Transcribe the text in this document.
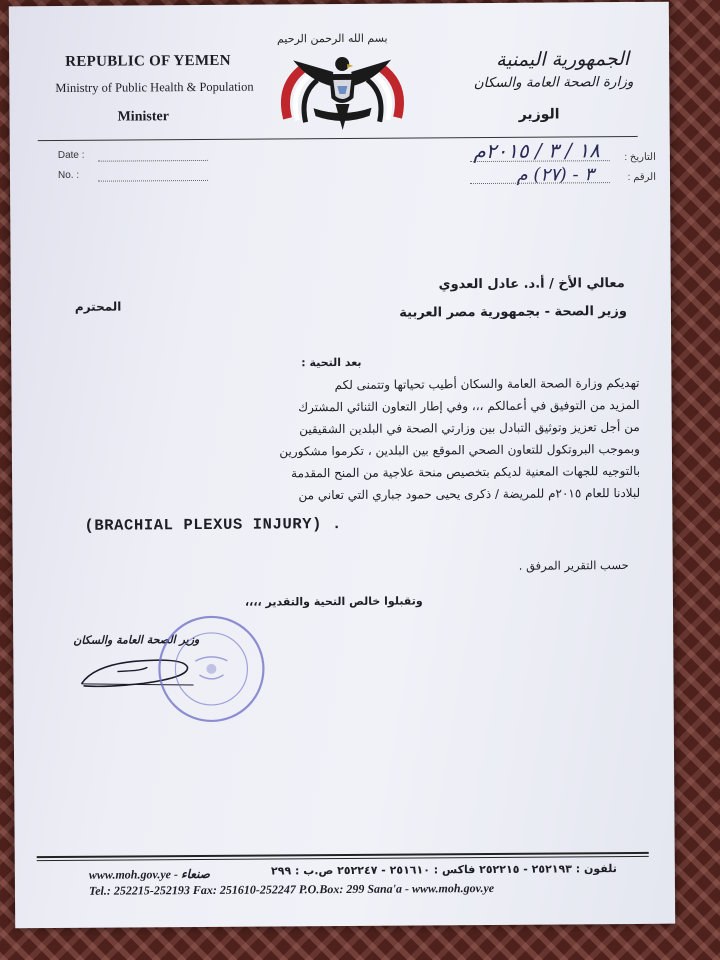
REPUBLIC OF YEMEN
Ministry of Public Health & Population
Minister
بسم الله الرحمن الرحيم
الجمهورية اليمنية
وزارة الصحة العامة والسكان
الوزير
Date :
No. :
التاريخ :
١٨ / ٣ / ٢٠١٥م
الرقم :
٣ - (٢٧) م
معالي الأخ / أ.د. عادل العدوي
وزير الصحة - بجمهورية مصر العربية
المحترم
بعد التحية :
تهديكم وزارة الصحة العامة والسكان أطيب تحياتها وتتمنى لكم
المزيد من التوفيق في أعمالكم ،،، وفي إطار التعاون الثنائي المشترك
من أجل تعزيز وتوثيق التبادل بين وزارتي الصحة في البلدين الشقيقين
وبموجب البروتكول للتعاون الصحي الموقع بين البلدين ، تكرموا مشكورين
بالتوجيه للجهات المعنية لديكم بتخصيص منحة علاجية من المنح المقدمة
لبلادنا للعام ٢٠١٥م للمريضة / ذكرى يحيى حمود جباري التي تعاني من
(BRACHIAL PLEXUS INJURY) .
حسب التقرير المرفق .
وتقبلوا خالص التحية والتقدير ،،،،
وزير الصحة العامة والسكان
www.moh.gov.ye - صنعاء	تلفون : ٢٥٢١٩٣ - ٢٥٢٢١٥ فاكس : ٢٥١٦١٠ - ٢٥٢٢٤٧ ص.ب : ٢٩٩
Tel.: 252215-252193 Fax: 251610-252247 P.O.Box: 299 Sana'a - www.moh.gov.ye
